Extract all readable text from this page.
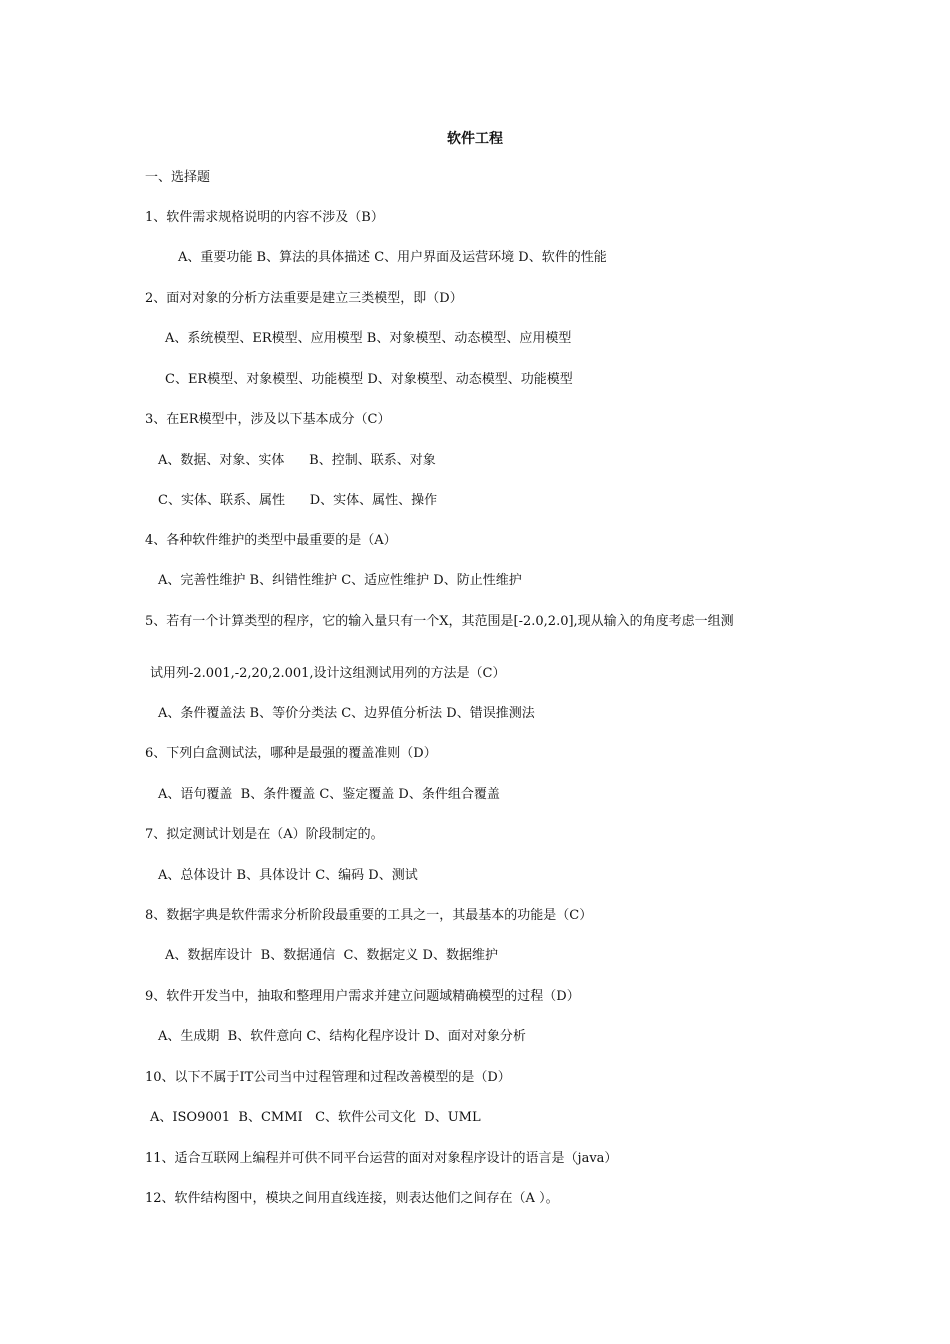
软件工程
一、选择题
1、软件需求规格说明的内容不涉及（B）
A、重要功能 B、算法的具体描述 C、用户界面及运营环境 D、软件的性能
2、面对对象的分析方法重要是建立三类模型，即（D）
A、系统模型、ER模型、应用模型 B、对象模型、动态模型、应用模型
C、ER模型、对象模型、功能模型 D、对象模型、动态模型、功能模型
3、在ER模型中，涉及以下基本成分（C）
A、数据、对象、实体      B、控制、联系、对象
C、实体、联系、属性      D、实体、属性、操作
4、各种软件维护的类型中最重要的是（A）
A、完善性维护 B、纠错性维护 C、适应性维护 D、防止性维护
5、若有一个计算类型的程序，它的输入量只有一个X，其范围是[-2.0,2.0],现从输入的角度考虑一组测
试用列-2.001,-2,20,2.001,设计这组测试用列的方法是（C）
A、条件覆盖法 B、等价分类法 C、边界值分析法 D、错误推测法
6、下列白盒测试法，哪种是最强的覆盖准则（D）
A、语句覆盖  B、条件覆盖 C、鉴定覆盖 D、条件组合覆盖
7、拟定测试计划是在（A）阶段制定的。
A、总体设计 B、具体设计 C、编码 D、测试
8、数据字典是软件需求分析阶段最重要的工具之一，其最基本的功能是（C）
A、数据库设计  B、数据通信  C、数据定义 D、数据维护
9、软件开发当中，抽取和整理用户需求并建立问题域精确模型的过程（D）
A、生成期  B、软件意向 C、结构化程序设计 D、面对对象分析
10、以下不属于IT公司当中过程管理和过程改善模型的是（D）
A、ISO9001  B、CMMI   C、软件公司文化  D、UML
11、适合互联网上编程并可供不同平台运营的面对对象程序设计的语言是（java）
12、软件结构图中，模块之间用直线连接，则表达他们之间存在（A ）。
